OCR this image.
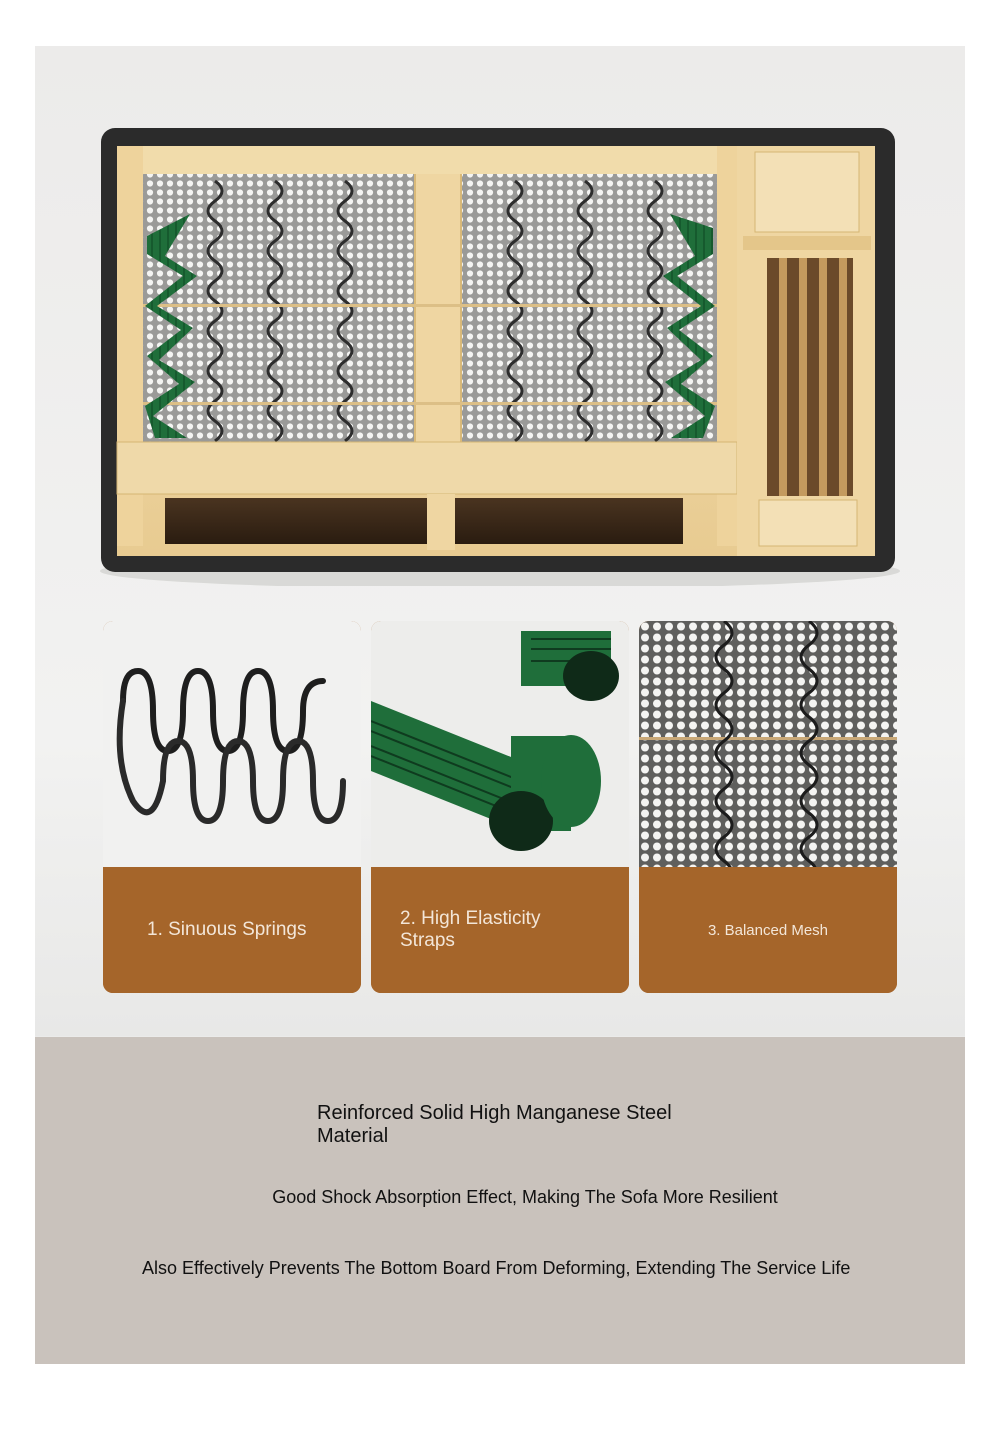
1. Sinuous Springs
2. High Elasticity Straps	3. Balanced Mesh
Reinforced Solid High Manganese Steel Material
Good Shock Absorption Effect, Making The Sofa More Resilient
Also Effectively Prevents The Bottom Board From Deforming, Extending The Service Life
